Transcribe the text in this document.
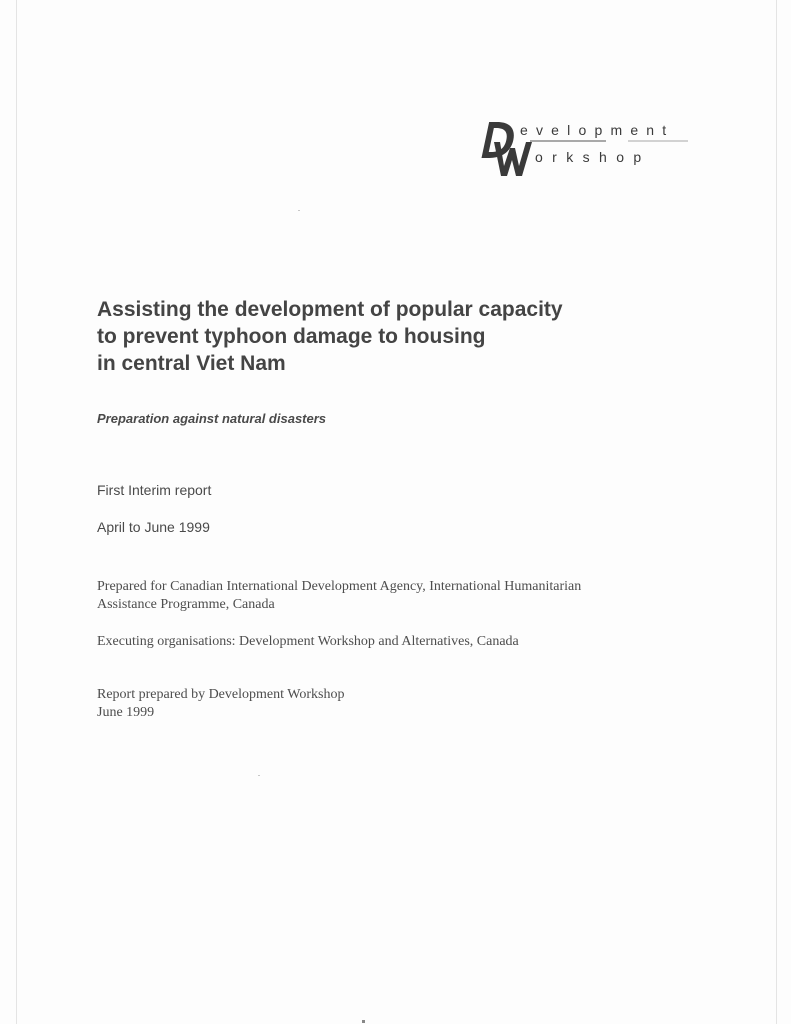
evelopment
orkshop
Assisting the development of popular capacity
to prevent typhoon damage to housing
in central Viet Nam
Preparation against natural disasters
First Interim report
April to June 1999
Prepared for Canadian International Development Agency, International Humanitarian
Assistance Programme, Canada
Executing organisations: Development Workshop and Alternatives, Canada
Report prepared by Development Workshop
June 1999
